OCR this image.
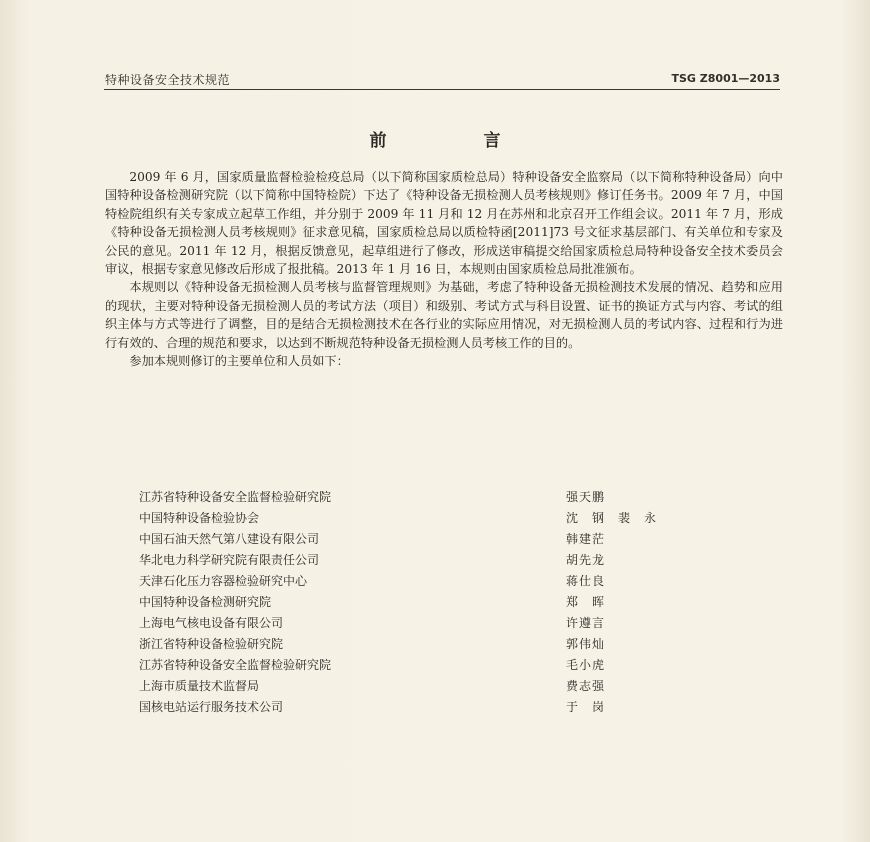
特种设备安全技术规范	TSG Z8001—2013
前　言

2009 年 6 月，国家质量监督检验检疫总局（以下简称国家质检总局）特种设备安全监察局（以下简称特种设备局）向中国特种设备检测研究院（以下简称中国特检院）下达了《特种设备无损检测人员考核规则》修订任务书。2009 年 7 月，中国特检院组织有关专家成立起草工作组，并分别于 2009 年 11 月和 12 月在苏州和北京召开工作组会议。2011 年 7 月，形成《特种设备无损检测人员考核规则》征求意见稿，国家质检总局以质检特函[2011]73 号文征求基层部门、有关单位和专家及公民的意见。2011 年 12 月，根据反馈意见，起草组进行了修改，形成送审稿提交给国家质检总局特种设备安全技术委员会审议，根据专家意见修改后形成了报批稿。2013 年 1 月 16 日，本规则由国家质检总局批准颁布。

本规则以《特种设备无损检测人员考核与监督管理规则》为基础，考虑了特种设备无损检测技术发展的情况、趋势和应用的现状，主要对特种设备无损检测人员的考试方法（项目）和级别、考试方式与科目设置、证书的换证方式与内容、考试的组织主体与方式等进行了调整，目的是结合无损检测技术在各行业的实际应用情况，对无损检测人员的考试内容、过程和行为进行有效的、合理的规范和要求，以达到不断规范特种设备无损检测人员考核工作的目的。

参加本规则修订的主要单位和人员如下：

江苏省特种设备安全监督检验研究院	强天鹏
中国特种设备检验协会	沈　钢　裴　永
中国石油天然气第八建设有限公司	韩建茫
华北电力科学研究院有限责任公司	胡先龙
天津石化压力容器检验研究中心	蒋仕良
中国特种设备检测研究院	郑　晖
上海电气核电设备有限公司	许遵言
浙江省特种设备检验研究院	郭伟灿
江苏省特种设备安全监督检验研究院	毛小虎
上海市质量技术监督局	费志强
国核电站运行服务技术公司	于　岗
